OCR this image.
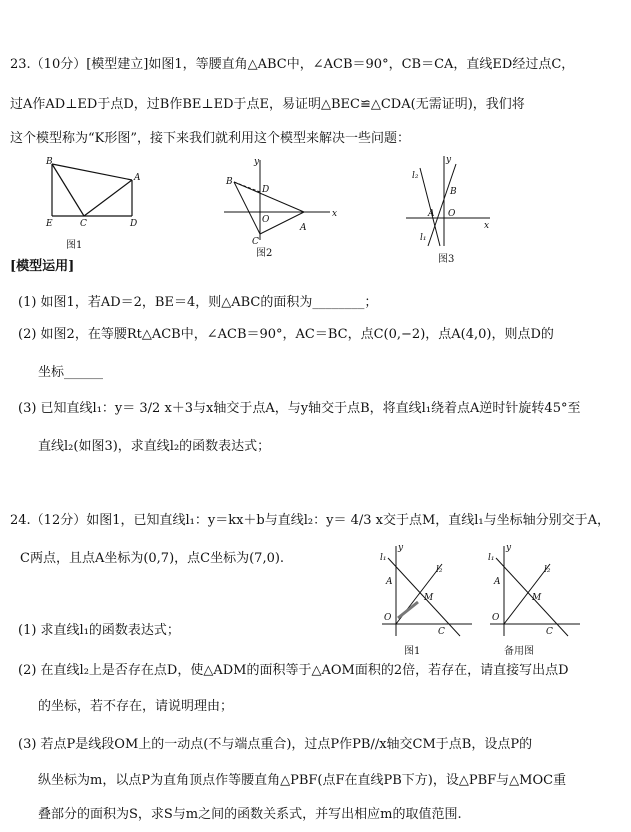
23.（10分）[模型建立]如图1，等腰直角△ABC中，∠ACB＝90°，CB＝CA，直线ED经过点C，
过A作AD⊥ED于点D，过B作BE⊥ED于点E，易证明△BEC≌△CDA(无需证明)，我们将
这个模型称为“K形图”，接下来我们就利用这个模型来解决一些问题：
B
A
E	C	D
图1
y
x
B
D
O
C
A
图2
y
x
l₂
B
A O
l₁
图3
[模型运用]
(1) 如图1，若AD＝2，BE＝4，则△ABC的面积为________；
(2) 如图2，在等腰Rt△ACB中，∠ACB＝90°，AC＝BC，点C(0,−2)，点A(4,0)，则点D的
坐标______
(3) 已知直线l₁：y＝ 3/2 x＋3与x轴交于点A，与y轴交于点B，将直线l₁绕着点A逆时针旋转45°至
直线l₂(如图3)，求直线l₂的函数表达式；
24.（12分）如图1，已知直线l₁：y＝kx＋b与直线l₂：y＝ 4/3 x交于点M，直线l₁与坐标轴分别交于A，
C两点，且点A坐标为(0,7)，点C坐标为(7,0).
y
l₁
l₂
A
M
O
C
图1
y
l₁
l₂
A
M
O
C
备用图
(1) 求直线l₁的函数表达式；
(2) 在直线l₂上是否存在点D，使△ADM的面积等于△AOM面积的2倍，若存在，请直接写出点D
的坐标，若不存在，请说明理由；
(3) 若点P是线段OM上的一动点(不与端点重合)，过点P作PB//x轴交CM于点B，设点P的
纵坐标为m，以点P为直角顶点作等腰直角△PBF(点F在直线PB下方)，设△PBF与△MOC重
叠部分的面积为S，求S与m之间的函数关系式，并写出相应m的取值范围.
